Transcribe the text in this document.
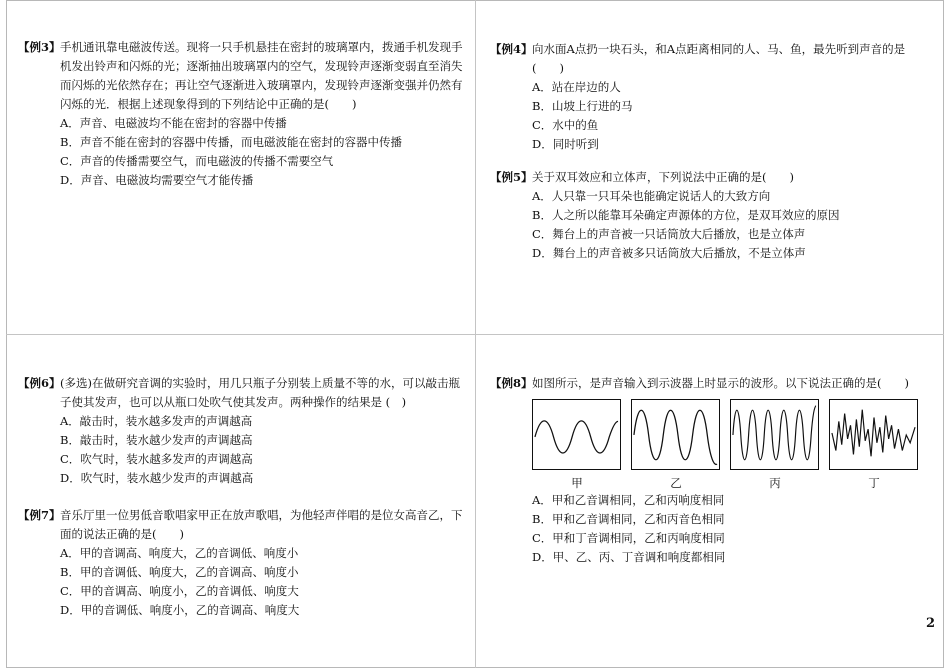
【例3】 手机通讯靠电磁波传送。现将一只手机悬挂在密封的玻璃罩内，拨通手机发现手机发出铃声和闪烁的光；逐渐抽出玻璃罩内的空气，发现铃声逐渐变弱直至消失而闪烁的光依然存在；再让空气逐渐进入玻璃罩内，发现铃声逐渐变强并仍然有闪烁的光．根据上述现象得到的下列结论中正确的是(　　)
A．声音、电磁波均不能在密封的容器中传播
B．声音不能在密封的容器中传播，而电磁波能在密封的容器中传播
C．声音的传播需要空气，而电磁波的传播不需要空气
D．声音、电磁波均需要空气才能传播
【例4】 向水面A点扔一块石头，和A点距离相同的人、马、鱼，最先听到声音的是(　　)
A．站在岸边的人
B．山坡上行进的马
C．水中的鱼
D．同时听到
【例5】 关于双耳效应和立体声，下列说法中正确的是(　　)
A．人只靠一只耳朵也能确定说话人的大致方向
B．人之所以能靠耳朵确定声源体的方位，是双耳效应的原因
C．舞台上的声音被一只话筒放大后播放，也是立体声
D．舞台上的声音被多只话筒放大后播放，不是立体声
【例6】 (多选)在做研究音调的实验时，用几只瓶子分别装上质量不等的水，可以敲击瓶子使其发声，也可以从瓶口处吹气使其发声。两种操作的结果是 (　)
A．敲击时，装水越多发声的声调越高
B．敲击时，装水越少发声的声调越高
C．吹气时，装水越多发声的声调越高
D．吹气时，装水越少发声的声调越高
【例7】 音乐厅里一位男低音歌唱家甲正在放声歌唱，为他轻声伴唱的是位女高音乙，下面的说法正确的是(　　)
A．甲的音调高、响度大，乙的音调低、响度小
B．甲的音调低、响度大，乙的音调高、响度小
C．甲的音调高、响度小，乙的音调低、响度大
D．甲的音调低、响度小，乙的音调高、响度大
【例8】 如图所示，是声音输入到示波器上时显示的波形。以下说法正确的是(　　)
甲	乙	丙	丁
A．甲和乙音调相同，乙和丙响度相同
B．甲和乙音调相同，乙和丙音色相同
C．甲和丁音调相同，乙和丙响度相同
D．甲、乙、丙、丁音调和响度都相同
2
